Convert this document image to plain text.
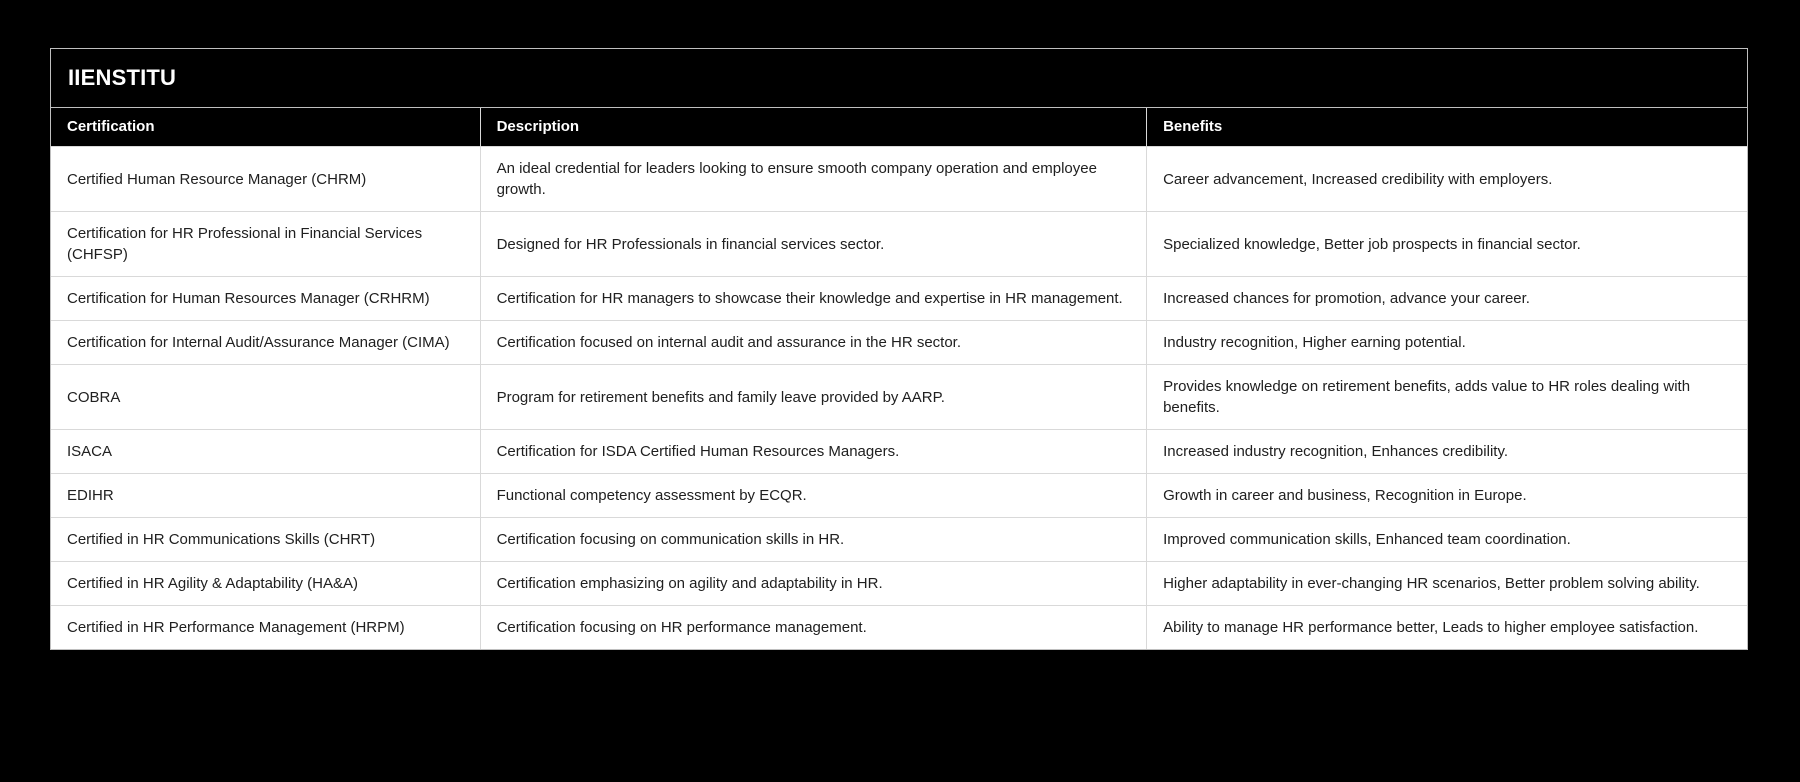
IIENSTITU
Certification	Description	Benefits
Certified Human Resource Manager (CHRM)	An ideal credential for leaders looking to ensure smooth company operation and employee growth.	Career advancement, Increased credibility with employers.
Certification for HR Professional in Financial Services (CHFSP)	Designed for HR Professionals in financial services sector.	Specialized knowledge, Better job prospects in financial sector.
Certification for Human Resources Manager (CRHRM)	Certification for HR managers to showcase their knowledge and expertise in HR management.	Increased chances for promotion, advance your career.
Certification for Internal Audit/Assurance Manager (CIMA)	Certification focused on internal audit and assurance in the HR sector.	Industry recognition, Higher earning potential.
COBRA	Program for retirement benefits and family leave provided by AARP.	Provides knowledge on retirement benefits, adds value to HR roles dealing with benefits.
ISACA	Certification for ISDA Certified Human Resources Managers.	Increased industry recognition, Enhances credibility.
EDIHR	Functional competency assessment by ECQR.	Growth in career and business, Recognition in Europe.
Certified in HR Communications Skills (CHRT)	Certification focusing on communication skills in HR.	Improved communication skills, Enhanced team coordination.
Certified in HR Agility & Adaptability (HA&A)	Certification emphasizing on agility and adaptability in HR.	Higher adaptability in ever-changing HR scenarios, Better problem solving ability.
Certified in HR Performance Management (HRPM)	Certification focusing on HR performance management.	Ability to manage HR performance better, Leads to higher employee satisfaction.
